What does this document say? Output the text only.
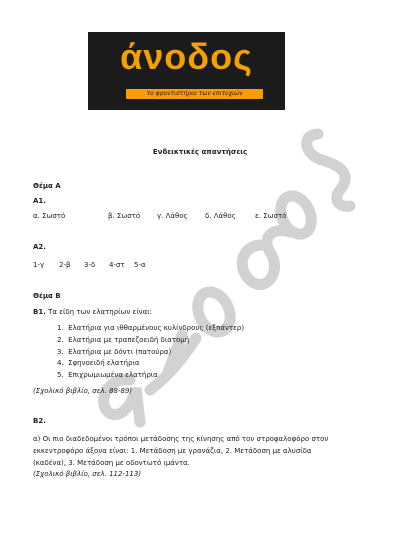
άνοδος
το φροντιστήριο των επιτυχιών
Ενδεικτικές απαντήσεις
Θέμα Α
Α1.
α. Σωστό	β. Σωστό γ. Λάθος δ. Λάθος	ε. Σωστό
Α2.
1-γ 2-β 3-δ 4-στ 5-α
Θέμα Β
Β1. Τα είδη των ελατηρίων είναι:
1.  Ελατήρια για ιθθαρμένους κυλίνδρους (εξπάντερ)
2.  Ελατήρια με τραπεζοειδή διατομή
3.  Ελατήρια με δόντι (πατούρα)
4.  Σφηνοειδή ελατήρια
5.  Επιχρωμιωμένα ελατήρια
(Σχολικό βιβλίο, σελ. 88-89)
Β2.
α) Οι πιο διαδεδομένοι τρόποι μετάδοσης της κίνησης από τον στροφαλοφόρο στον
εκκεντροφόρο άξονα είναι: 1. Μετάδοση με γρανάζια, 2. Μετάδοση με αλυσίδα
(καδένα), 3. Μετάδοση με οδοντωτό ιμάντα.
(Σχολικό βιβλίο, σελ. 112-113)
